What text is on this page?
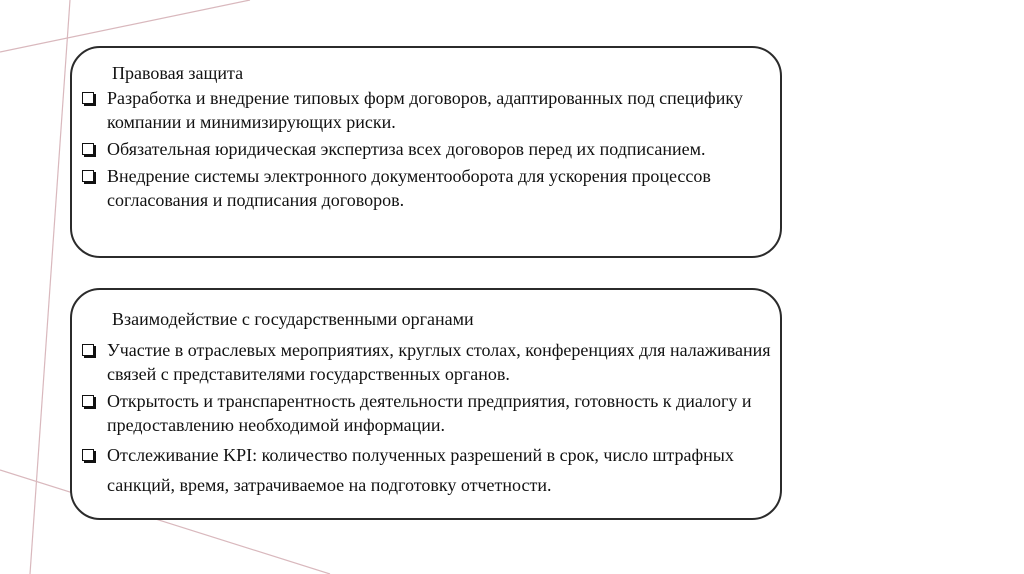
Правовая защита
Разработка и внедрение типовых форм договоров, адаптированных под специфику компании и минимизирующих риски.
Обязательная юридическая экспертиза всех договоров перед их подписанием.
Внедрение системы электронного документооборота для ускорения процессов согласования и подписания договоров.
Взаимодействие с государственными органами
Участие в отраслевых мероприятиях, круглых столах, конференциях для налаживания связей с представителями государственных органов.
Открытость и транспарентность деятельности предприятия, готовность к диалогу и предоставлению необходимой информации.
Отслеживание KPI: количество полученных разрешений в срок, число штрафных санкций, время, затрачиваемое на подготовку отчетности.
